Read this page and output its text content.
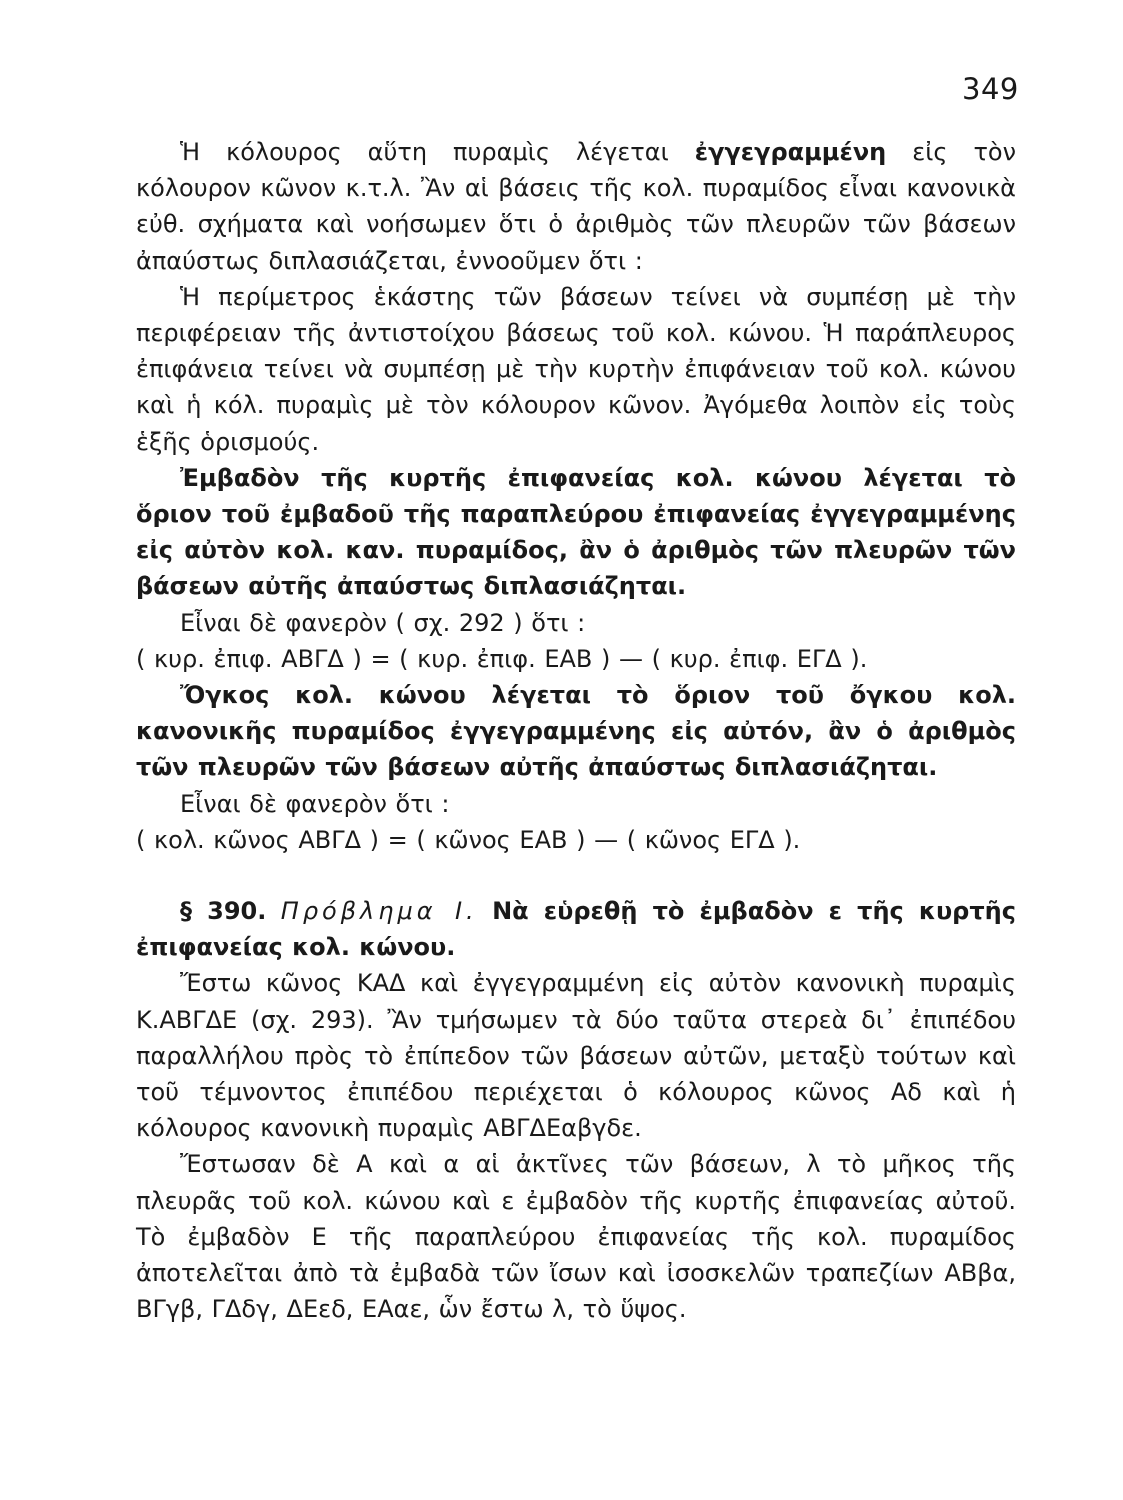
349

Ἡ κόλουρος αὕτη πυραμὶς λέγεται ἐγγεγραμμένη εἰς τὸν κόλουρον κῶνον κ.τ.λ. Ἂν αἱ βάσεις τῆς κολ. πυραμίδος εἶναι κανονικὰ εὐθ. σχήματα καὶ νοήσωμεν ὅτι ὁ ἀριθμὸς τῶν πλευρῶν τῶν βάσεων ἀπαύστως διπλασιάζεται, ἐννοοῦμεν ὅτι :

Ἡ περίμετρος ἑκάστης τῶν βάσεων τείνει νὰ συμπέσῃ μὲ τὴν περιφέρειαν τῆς ἀντιστοίχου βάσεως τοῦ κολ. κώνου. Ἡ παράπλευρος ἐπιφάνεια τείνει νὰ συμπέσῃ μὲ τὴν κυρτὴν ἐπιφάνειαν τοῦ κολ. κώνου καὶ ἡ κόλ. πυραμὶς μὲ τὸν κόλουρον κῶνον. Ἀγόμεθα λοιπὸν εἰς τοὺς ἑξῆς ὁρισμούς.

Ἐμβαδὸν τῆς κυρτῆς ἐπιφανείας κολ. κώνου λέγεται τὸ ὅριον τοῦ ἐμβαδοῦ τῆς παραπλεύρου ἐπιφανείας ἐγγεγραμμένης εἰς αὐτὸν κολ. καν. πυραμίδος, ἂν ὁ ἀριθμὸς τῶν πλευρῶν τῶν βάσεων αὐτῆς ἀπαύστως διπλασιάζηται.

Εἶναι δὲ φανερὸν ( σχ. 292 ) ὅτι :

( κυρ. ἐπιφ. ΑΒΓΔ ) = ( κυρ. ἐπιφ. ΕΑΒ ) — ( κυρ. ἐπιφ. ΕΓΔ ).

Ὄγκος κολ. κώνου λέγεται τὸ ὅριον τοῦ ὄγκου κολ. κανονικῆς πυραμίδος ἐγγεγραμμένης εἰς αὐτόν, ἂν ὁ ἀριθμὸς τῶν πλευρῶν τῶν βάσεων αὐτῆς ἀπαύστως διπλασιάζηται.

Εἶναι δὲ φανερὸν ὅτι :

( κολ. κῶνος ΑΒΓΔ ) = ( κῶνος ΕΑΒ ) — ( κῶνος ΕΓΔ ).

§ 390. Πρόβλημα Ι. Νὰ εὑρεθῇ τὸ ἐμβαδὸν ε τῆς κυρτῆς ἐπιφανείας κολ. κώνου.

Ἔστω κῶνος ΚΑΔ καὶ ἐγγεγραμμένη εἰς αὐτὸν κανονικὴ πυραμὶς Κ.ΑΒΓΔΕ (σχ. 293). Ἂν τμήσωμεν τὰ δύο ταῦτα στερεὰ δι᾽ ἐπιπέδου παραλλήλου πρὸς τὸ ἐπίπεδον τῶν βάσεων αὐτῶν, μεταξὺ τούτων καὶ τοῦ τέμνοντος ἐπιπέδου περιέχεται ὁ κόλουρος κῶνος Αδ καὶ ἡ κόλουρος κανονικὴ πυραμὶς ΑΒΓΔΕαβγδε.

Ἔστωσαν δὲ Α καὶ α αἱ ἀκτῖνες τῶν βάσεων, λ τὸ μῆκος τῆς πλευρᾶς τοῦ κολ. κώνου καὶ ε ἐμβαδὸν τῆς κυρτῆς ἐπιφανείας αὐτοῦ. Τὸ ἐμβαδὸν Ε τῆς παραπλεύρου ἐπιφανείας τῆς κολ. πυραμίδος ἀποτελεῖται ἀπὸ τὰ ἐμβαδὰ τῶν ἴσων καὶ ἰσοσκελῶν τραπεζίων ΑΒβα, ΒΓγβ, ΓΔδγ, ΔΕεδ, ΕΑαε, ὧν ἔστω λ, τὸ ὕψος.
